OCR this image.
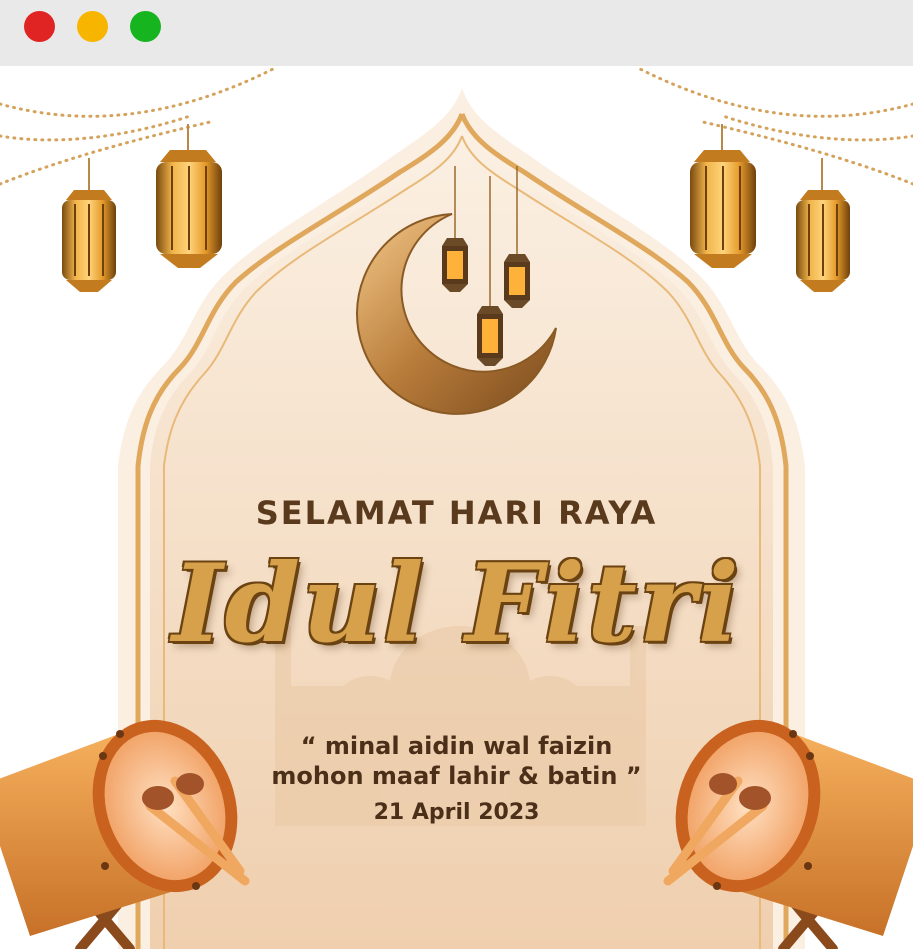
SELAMAT HARI RAYA
Idul Fitri
“ minal aidin wal faizin
mohon maaf lahir & batin ”
21 April 2023
